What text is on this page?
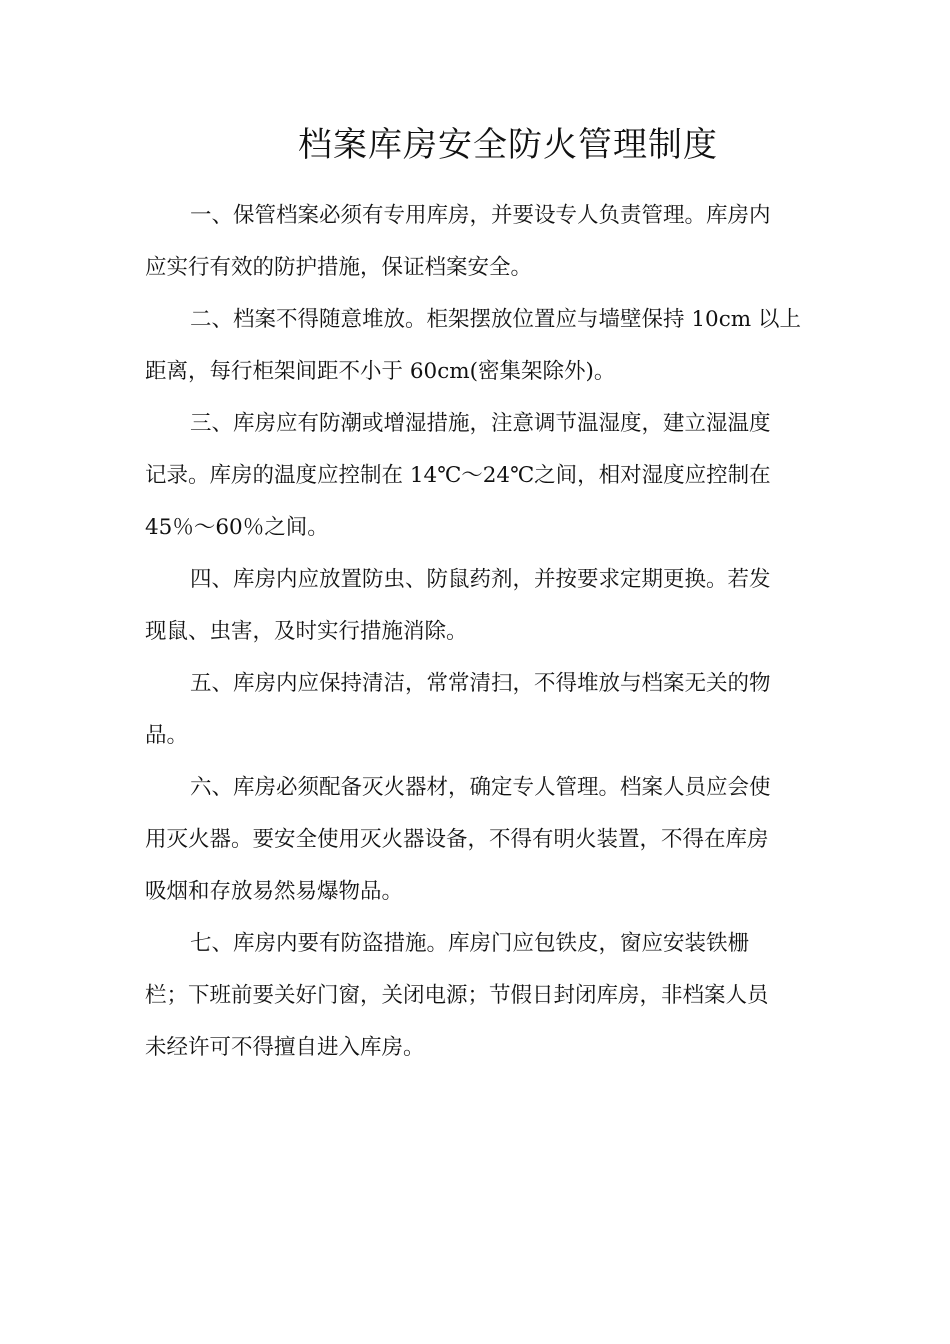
档案库房安全防火管理制度

一、保管档案必须有专用库房，并要设专人负责管理。库房内
应实行有效的防护措施，保证档案安全。

二、档案不得随意堆放。柜架摆放位置应与墙壁保持 10cm 以上
距离，每行柜架间距不小于 60cm(密集架除外)。

三、库房应有防潮或增湿措施，注意调节温湿度，建立湿温度
记录。库房的温度应控制在 14℃～24℃之间，相对湿度应控制在
45％～60％之间。

四、库房内应放置防虫、防鼠药剂，并按要求定期更换。若发
现鼠、虫害，及时实行措施消除。

五、库房内应保持清洁，常常清扫，不得堆放与档案无关的物
品。

六、库房必须配备灭火器材，确定专人管理。档案人员应会使
用灭火器。要安全使用灭火器设备，不得有明火装置，不得在库房
吸烟和存放易然易爆物品。

七、库房内要有防盗措施。库房门应包铁皮，窗应安装铁栅
栏；下班前要关好门窗，关闭电源；节假日封闭库房，非档案人员
未经许可不得擅自进入库房。
